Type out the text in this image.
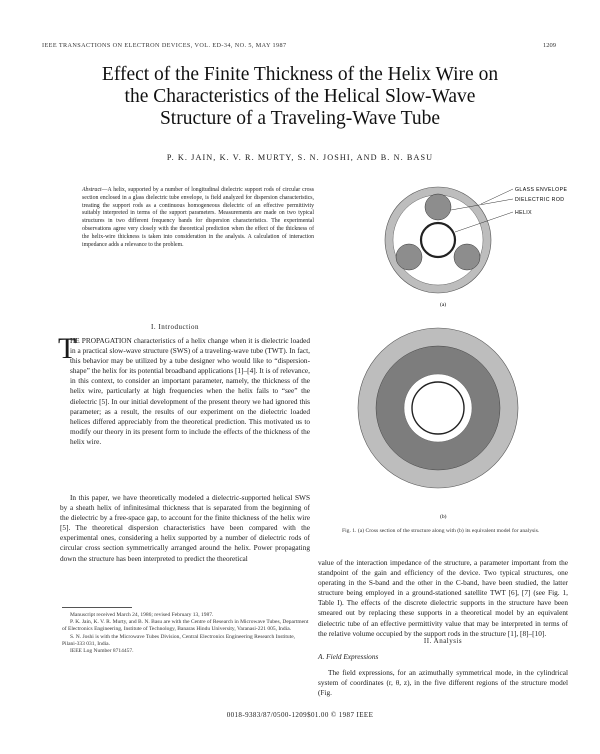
IEEE TRANSACTIONS ON ELECTRON DEVICES, VOL. ED-34, NO. 5, MAY 1987	1209
Effect of the Finite Thickness of the Helix Wire on
the Characteristics of the Helical Slow-Wave
Structure of a Traveling-Wave Tube
P. K. JAIN, K. V. R. MURTY, S. N. JOSHI, AND B. N. BASU
Abstract—A helix, supported by a number of longitudinal dielectric support rods of circular cross section enclosed in a glass dielectric tube envelope, is field analyzed for dispersion characteristics, treating the support rods as a continuous homogeneous dielectric of an effective permittivity suitably interpreted in terms of the support parameters. Measurements are made on two typical structures in two different frequency bands for dispersion characteristics. The experimental observations agree very closely with the theoretical prediction when the effect of the thickness of the helix-wire thickness is taken into consideration in the analysis. A calculation of interaction impedance adds a relevance to the problem.
GLASS ENVELOPE
DIELECTRIC ROD
HELIX
(a)
(b)
Fig. 1. (a) Cross section of the structure along with (b) its equivalent model for analysis.
I. Introduction
T
HE PROPAGATION characteristics of a helix change when it is dielectric loaded in a practical slow-wave structure (SWS) of a traveling-wave tube (TWT). In fact, this behavior may be utilized by a tube designer who would like to “dispersion-shape” the helix for its potential broadband applications [1]–[4]. It is of relevance, in this context, to consider an important parameter, namely, the thickness of the helix wire, particularly at high frequencies when the helix fails to “see” the dielectric [5]. In our initial development of the present theory we had ignored this parameter; as a result, the results of our experiment on the dielectric loaded helices differed appreciably from the theoretical prediction. This motivated us to modify our theory in its present form to include the effects of the thickness of the helix wire.
In this paper, we have theoretically modeled a dielectric-supported helical SWS by a sheath helix of infinitesimal thickness that is separated from the beginning of the dielectric by a free-space gap, to account for the finite thickness of the helix wire [5]. The theoretical dispersion characteristics have been compared with the experimental ones, considering a helix supported by a number of dielectric rods of circular cross section symmetrically arranged around the helix. Power propagating down the structure has been interpreted to predict the theoretical

Manuscript received March 24, 1986; revised February 13, 1987.

P. K. Jain, K. V. R. Murty, and B. N. Basu are with the Centre of Research in Microwave Tubes, Department of Electronics Engineering, Institute of Technology, Banaras Hindu University, Varanasi-221 005, India.

S. N. Joshi is with the Microwave Tubes Division, Central Electronics Engineering Research Institute, Pilani-333 031, India.

IEEE Log Number 8714457.

value of the interaction impedance of the structure, a parameter important from the standpoint of the gain and efficiency of the device. Two typical structures, one operating in the S-band and the other in the C-band, have been studied, the latter structure being employed in a ground-stationed satellite TWT [6], [7] (see Fig. 1, Table I). The effects of the discrete dielectric supports in the structure have been smeared out by replacing these supports in a theoretical model by an equivalent dielectric tube of an effective permittivity value that may be interpreted in terms of the relative volume occupied by the support rods in the structure [1], [8]–[10].
II. Analysis
A. Field Expressions
The field expressions, for an azimuthally symmetrical mode, in the cylindrical system of coordinates (r, θ, z), in the five different regions of the structure model (Fig.
0018-9383/87/0500-1209$01.00 © 1987 IEEE
